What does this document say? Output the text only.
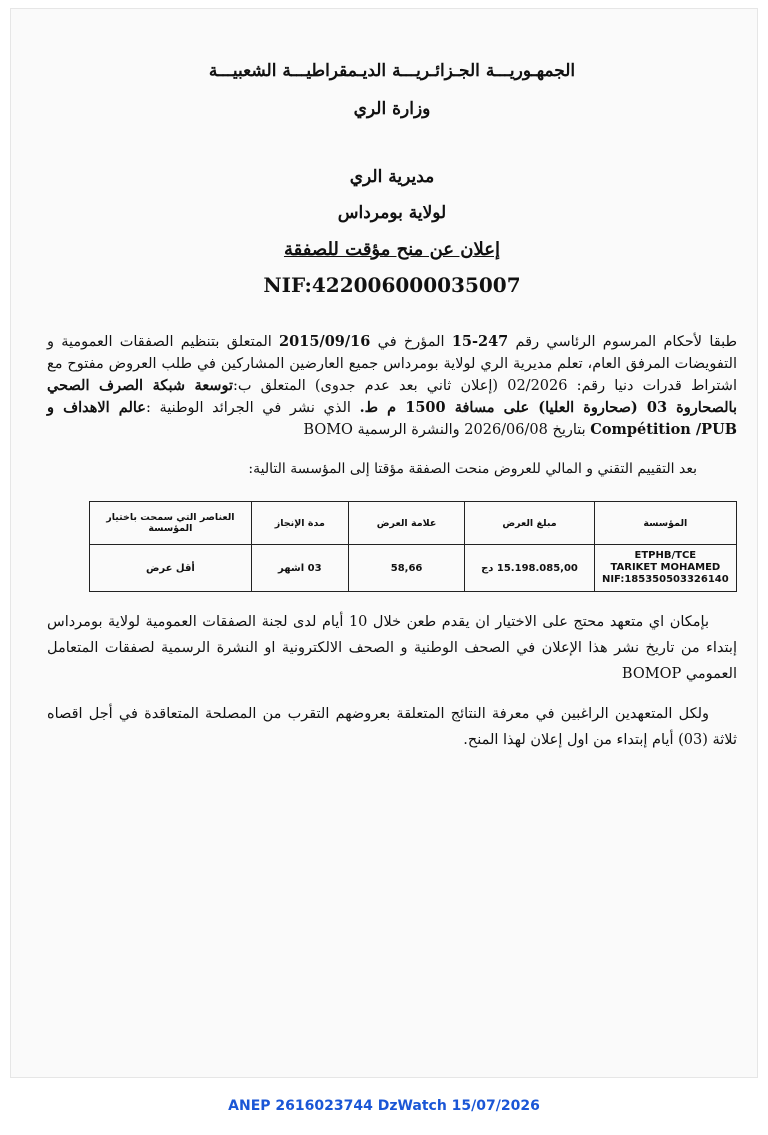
الجمهـوريـــة الجـزائـريـــة الديـمقراطيـــة الشعبيـــة
وزارة الري
مديرية الري
لولاية بومرداس
إعلان عن منح مؤقت للصفقة
NIF:422006000035007
طبقا لأحكام المرسوم الرئاسي رقم 15-247 المؤرخ في 2015/09/16 المتعلق بتنظيم الصفقات العمومية و التفويضات المرفق العام، تعلم مديرية الري لولاية بومرداس جميع العارضين المشاركين في طلب العروض مفتوح مع اشتراط قدرات دنيا رقم: 02/2026 (إعلان ثاني بعد عدم جدوى) المتعلق ب:توسعة شبكة الصرف الصحي بالصحاروة 03 (صحاروة العليا) على مسافة 1500 م ط. الذي نشر في الجرائد الوطنية :عالم الاهداف و Compétition /PUB بتاريخ 2026/06/08 والنشرة الرسمية BOMO
بعد التقييم التقني و المالي للعروض منحت الصفقة مؤقتا إلى المؤسسة التالية:
المؤسسة	مبلغ العرض	علامة العرض	مدة الإنجاز	العناصر التي سمحت باختيار المؤسسة

ETPHB/TCE
TARIKET MOHAMED
NIF:185350503326140	15.198.085,00 دج	58,66	03 اشهر	أقل عرض

بإمكان اي متعهد محتج على الاختيار ان يقدم طعن خلال 10 أيام لدى لجنة الصفقات العمومية لولاية بومرداس إبتداء من تاريخ نشر هذا الإعلان في الصحف الوطنية و الصحف الالكترونية او النشرة الرسمية لصفقات المتعامل العمومي BOMOP

ولكل المتعهدين الراغبين في معرفة النتائج المتعلقة بعروضهم التقرب من المصلحة المتعاقدة في أجل اقصاه ثلاثة (03) أيام إبتداء من اول إعلان لهذا المنح.

ANEP 2616023744 DzWatch 15/07/2026
